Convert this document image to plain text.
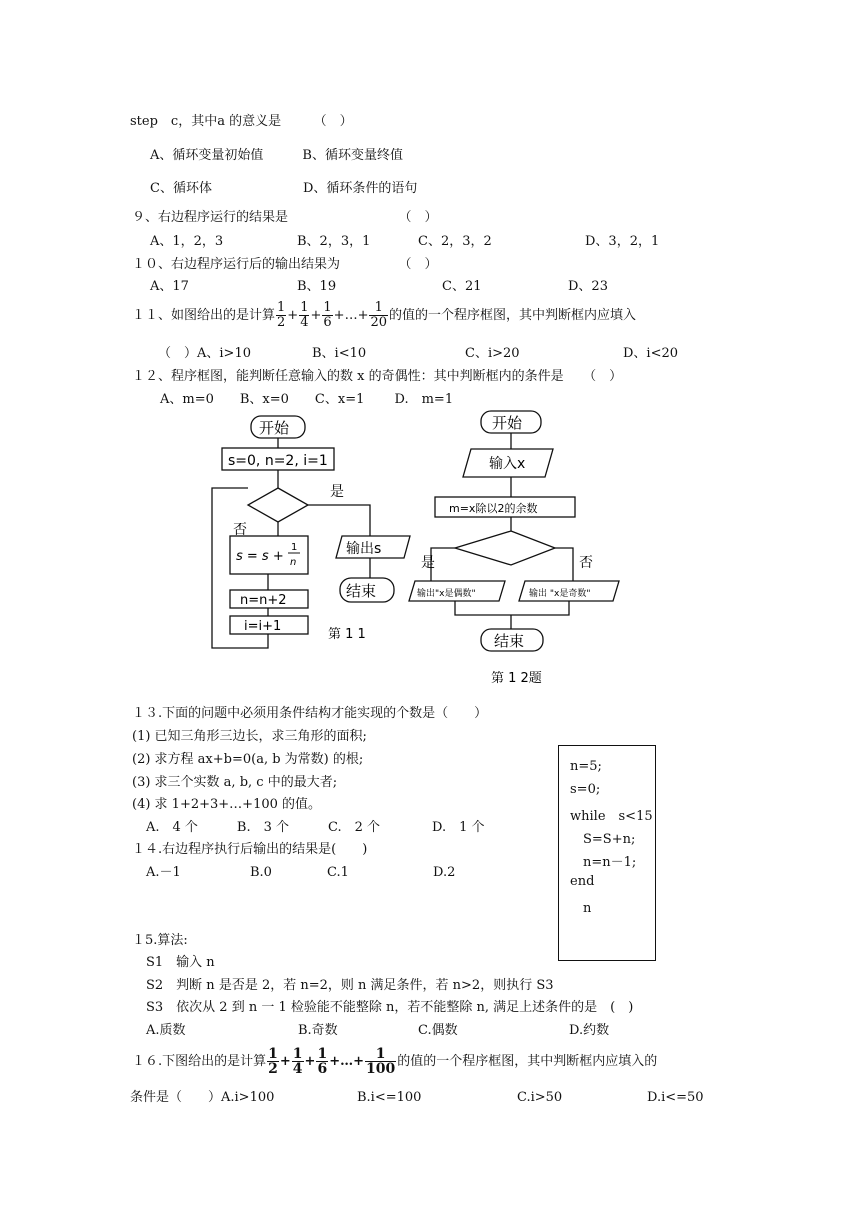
step　c，其中a 的意义是　　　（　）
A、循环变量初始值　　　B、循环变量终值
C、循环体　　　　　　　D、循环条件的语句
９、右边程序运行的结果是　　　　　　　　　（　）
A、1，2，3	B、2，3，1	C、2，3，2	D、3，2，1
１０、右边程序运行后的输出结果为　　　　　（　）
A、17	B、19	C、21	D、23
１１、如图给出的是计算 $\frac{1}{2} + \frac{1}{4} + \frac{1}{6}$ +…+ $\frac{1}{20}$ 的值的一个程序框图，其中判断框内应填入
（　）A、i>10	B、i<10	C、i>20	D、i<20
１２、程序框图，能判断任意输入的数 x 的奇偶性：其中判断框内的条件是　　（　）
A、m=0　　B、x=0　　C、x=1　　 D.　m=1
开始
s=0, n=2, i=1
是
否
s = s +
1
n
输出s
结束
n=n+2
i=i+1
第 1 1
开始
输入x
m=x除以2的余数
是	否
输出"x是偶数"	输出 "x是奇数"
结束
第 1 2题
１３.下面的问题中必须用条件结构才能实现的个数是（　　）
(1) 已知三角形三边长，求三角形的面积;
(2) 求方程 ax+b=0(a, b 为常数) 的根;
(3) 求三个实数 a, b, c 中的最大者;
(4) 求 1+2+3+…+100 的值。
A.　4 个　　　B.　3 个　　　C.　2 个　　　　D.　1 个
１４.右边程序执行后输出的结果是(　　)
A.－1	B.0	C.1	D.2
n=5;
s=0;
while　s<15
　S=S+n;
　n=n－1;
end
　n
１5.算法:
S1　输入 n
S2　判断 n 是否是 2，若 n=2，则 n 满足条件，若 n>2，则执行 S3
S3　依次从 2 到 n 一 1 检验能不能整除 n，若不能整除 n, 满足上述条件的是　(　)
A.质数	B.奇数	C.偶数	D.约数
１６.下图给出的是计算 $\frac{1}{2} + \frac{1}{4} + \frac{1}{6}$ +…+ $\frac{1}{100}$ 的值的一个程序框图，其中判断框内应填入的
条件是（　　）A.i>100	B.i<=100	C.i>50	D.i<=50
